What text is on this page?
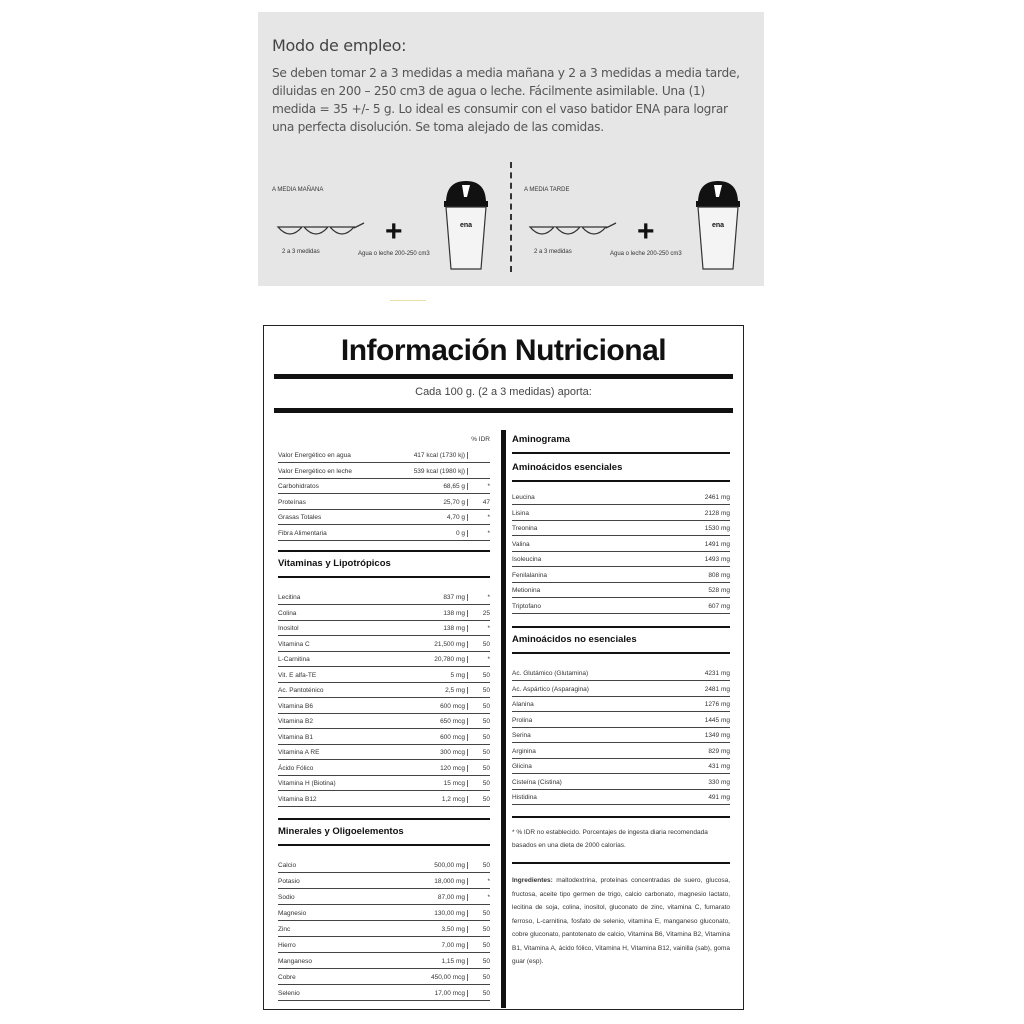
Modo de empleo:
Se deben tomar 2 a 3 medidas a media mañana y 2 a 3 medidas a media tarde, diluidas en 200 – 250 cm3 de agua o leche. Fácilmente asimilable. Una (1) medida = 35 +/- 5 g. Lo ideal es consumir con el vaso batidor ENA para lograr una perfecta disolución. Se toma alejado de las comidas.
A MEDIA MAÑANA
2 a 3 medidas
+
Agua o leche 200-250 cm3
ena
A MEDIA TARDE
2 a 3 medidas
+
Agua o leche 200-250 cm3
ena
Información Nutricional
Cada 100 g. (2 a 3 medidas) aporta:
% IDR
Valor Energético en agua	417 kcal (1730 kj)
Valor Energético en leche	539 kcal (1980 kj)
Carbohidratos	68,65 g	*
Proteínas	25,70 g	47
Grasas Totales	4,70 g	*
Fibra Alimentaria	0 g	*
Vitaminas y Lipotrópicos
Lecitina	837 mg	*
Colina	138 mg	25
Inositol	138 mg	*
Vitamina C	21,500 mg	50
L-Carnitina	20,780 mg	*
Vit. E alfa-TE	5 mg	50
Ac. Pantoténico	2,5 mg	50
Vitamina B6	600 mcg	50
Vitamina B2	650 mcg	50
Vitamina B1	600 mcg	50
Vitamina A RE	300 mcg	50
Ácido Fólico	120 mcg	50
Vitamina H (Biotina)	15 mcg	50
Vitamina B12	1,2 mcg	50
Minerales y Oligoelementos
Calcio	500,00 mg	50
Potasio	18,000 mg	*
Sodio	87,00 mg	*
Magnesio	130,00 mg	50
Zinc	3,50 mg	50
Hierro	7,00 mg	50
Manganeso	1,15 mg	50
Cobre	450,00 mcg	50
Selenio	17,00 mcg	50
Aminograma
Aminoácidos esenciales
Leucina	2461 mg
Lisina	2128 mg
Treonina	1530 mg
Valina	1491 mg
Isoleucina	1493 mg
Fenilalanina	808 mg
Metionina	528 mg
Triptofano	607 mg
Aminoácidos no esenciales
Ac. Glutámico (Glutamina)	4231 mg
Ac. Aspártico (Asparagina)	2481 mg
Alanina	1276 mg
Prolina	1445 mg
Serina	1349 mg
Arginina	829 mg
Glicina	431 mg
Cisteína (Cistina)	330 mg
Histidina	491 mg
* % IDR no establecido. Porcentajes de ingesta diaria recomendada basados en una dieta de 2000 calorías.
Ingredientes: maltodextrina, proteínas concentradas de suero, glucosa, fructosa, aceite tipo germen de trigo, calcio carbonato, magnesio lactato, lecitina de soja, colina, inositol, gluconato de zinc, vitamina C, fumarato ferroso, L-carnitina, fosfato de selenio, vitamina E, manganeso gluconato, cobre gluconato, pantotenato de calcio, Vitamina B6, Vitamina B2, Vitamina B1, Vitamina A, ácido fólico, Vitamina H, Vitamina B12, vainilla (sab), goma guar (esp).
